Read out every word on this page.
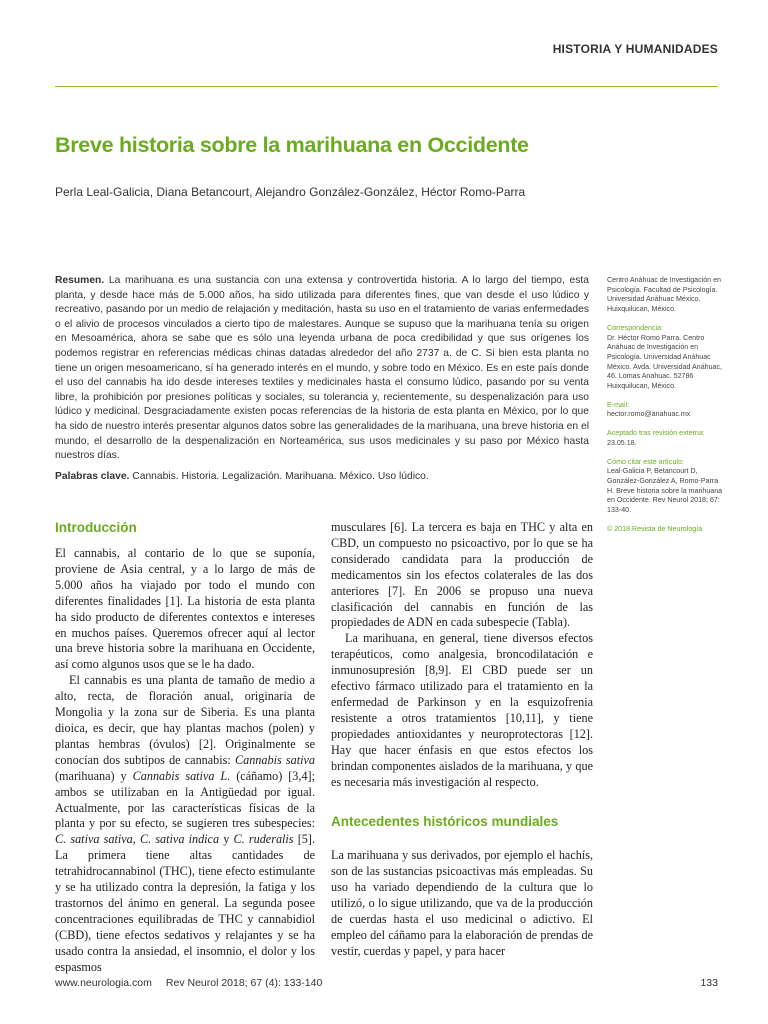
HISTORIA Y HUMANIDADES
Breve historia sobre la marihuana en Occidente
Perla Leal-Galicia, Diana Betancourt, Alejandro González-González, Héctor Romo-Parra

Resumen. La marihuana es una sustancia con una extensa y controvertida historia. A lo largo del tiempo, esta planta, y desde hace más de 5.000 años, ha sido utilizada para diferentes fines, que van desde el uso lúdico y recreativo, pasando por un medio de relajación y meditación, hasta su uso en el tratamiento de varias enfermedades o el alivio de procesos vinculados a cierto tipo de malestares. Aunque se supuso que la marihuana tenía su origen en Mesoamérica, ahora se sabe que es sólo una leyenda urbana de poca credibilidad y que sus orígenes los podemos registrar en referencias médicas chinas datadas alrededor del año 2737 a. de C. Si bien esta planta no tiene un origen mesoamericano, sí ha generado interés en el mundo, y sobre todo en México. Es en este país donde el uso del cannabis ha ido desde intereses textiles y medicinales hasta el consumo lúdico, pasando por su venta libre, la prohibición por presiones políticas y sociales, su tolerancia y, recientemente, su despenalización para uso lúdico y medicinal. Desgraciadamente existen pocas referencias de la historia de esta planta en México, por lo que ha sido de nuestro interés presentar algunos datos sobre las generalidades de la marihuana, una breve historia en el mundo, el desarrollo de la despenalización en Norteamérica, sus usos medicinales y su paso por México hasta nuestros días.

Palabras clave. Cannabis. Historia. Legalización. Marihuana. México. Uso lúdico.

Centro Anáhuac de Investigación en Psicología. Facultad de Psicología. Universidad Anáhuac México. Huixquilucan, México.
Correspondencia:
Dr. Héctor Romo Parra. Centro Anáhuac de Investigación en Psicología. Universidad Anáhuac México. Avda. Universidad Anáhuac, 46. Lomas Anahuac. 52786 Huixquilucan, México.
E-mail:
hector.romo@anahuac.mx
Aceptado tras revisión externa:
23.05.18.
Cómo citar este artículo:
Leal-Galicia P, Betancourt D, González-González A, Romo-Parra H. Breve historia sobre la marihuana en Occidente. Rev Neurol 2018; 67: 133-40.
© 2018 Revista de Neurología
Introducción

El cannabis, al contario de lo que se suponía, proviene de Asia central, y a lo largo de más de 5.000 años ha viajado por todo el mundo con diferentes finalidades [1]. La historia de esta planta ha sido producto de diferentes contextos e intereses en muchos países. Queremos ofrecer aquí al lector una breve historia sobre la marihuana en Occidente, así como algunos usos que se le ha dado.

El cannabis es una planta de tamaño de medio a alto, recta, de floración anual, originaria de Mongolia y la zona sur de Siberia. Es una planta dioica, es decir, que hay plantas machos (polen) y plantas hembras (óvulos) [2]. Originalmente se conocían dos subtipos de cannabis: Cannabis sativa (marihuana) y Cannabis sativa L. (cáñamo) [3,4]; ambos se utilizaban en la Antigüedad por igual. Actualmente, por las características físicas de la planta y por su efecto, se sugieren tres subespecies: C. sativa sativa, C. sativa indica y C. ruderalis [5]. La primera tiene altas cantidades de tetrahidrocannabinol (THC), tiene efecto estimulante y se ha utilizado contra la depresión, la fatiga y los trastornos del ánimo en general. La segunda posee concentraciones equilibradas de THC y cannabidiol (CBD), tiene efectos sedativos y relajantes y se ha usado contra la ansiedad, el insomnio, el dolor y los espasmos

musculares [6]. La tercera es baja en THC y alta en CBD, un compuesto no psicoactivo, por lo que se ha considerado candidata para la producción de medicamentos sin los efectos colaterales de las dos anteriores [7]. En 2006 se propuso una nueva clasificación del cannabis en función de las propiedades de ADN en cada subespecie (Tabla).

La marihuana, en general, tiene diversos efectos terapéuticos, como analgesia, broncodilatación e inmunosupresión [8,9]. El CBD puede ser un efectivo fármaco utilizado para el tratamiento en la enfermedad de Parkinson y en la esquizofrenia resistente a otros tratamientos [10,11], y tiene propiedades antioxidantes y neuroprotectoras [12]. Hay que hacer énfasis en que estos efectos los brindan componentes aislados de la marihuana, y que es necesaria más investigación al respecto.

Antecedentes históricos mundiales

La marihuana y sus derivados, por ejemplo el hachís, son de las sustancias psicoactivas más empleadas. Su uso ha variado dependiendo de la cultura que lo utilizó, o lo sigue utilizando, que va de la producción de cuerdas hasta el uso medicinal o adictivo. El empleo del cáñamo para la elaboración de prendas de vestir, cuerdas y papel, y para hacer

www.neurologia.com Rev Neurol 2018; 67 (4): 133-140	133
